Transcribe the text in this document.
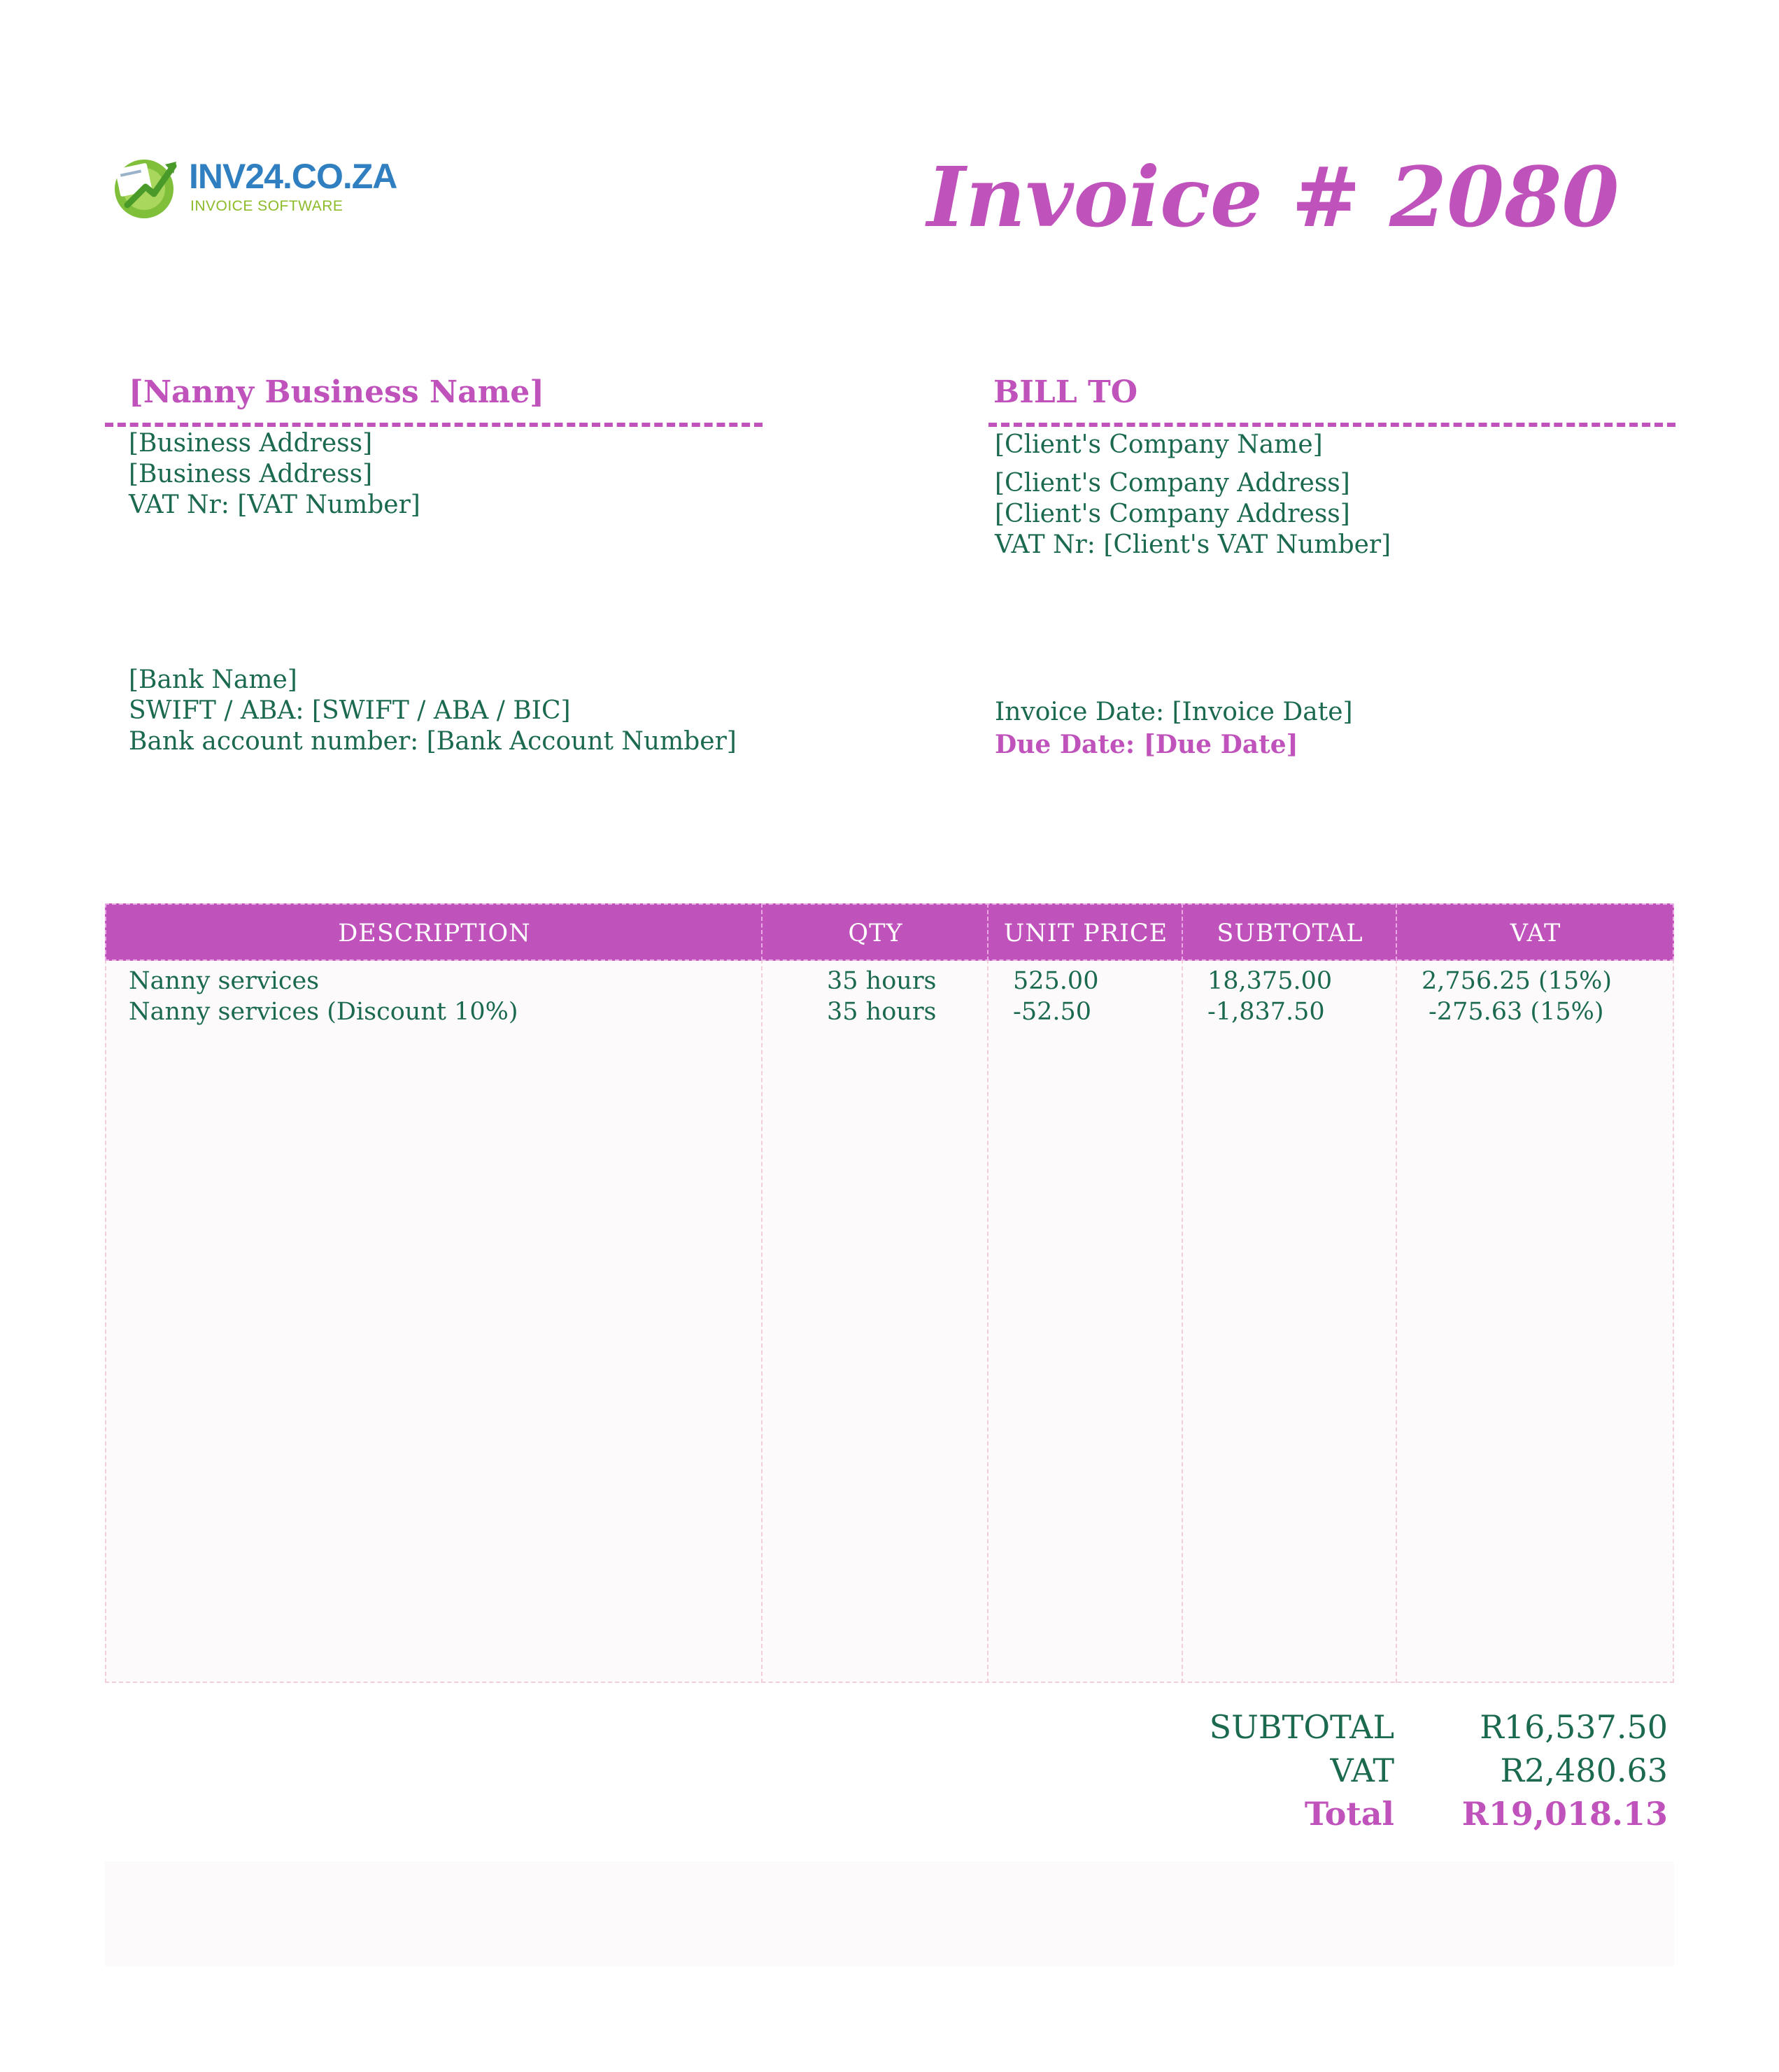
INV24.CO.ZA
INVOICE SOFTWARE	Invoice # 2080
[Nanny Business Name]
[Business Address]
[Business Address]
VAT Nr: [VAT Number]
BILL TO
[Client's Company Name]
[Client's Company Address]
[Client's Company Address]
VAT Nr: [Client's VAT Number]
[Bank Name]
SWIFT / ABA: [SWIFT / ABA / BIC]
Bank account number: [Bank Account Number]
Invoice Date: [Invoice Date]
Due Date: [Due Date]
DESCRIPTION	QTY	UNIT PRICE	SUBTOTAL	VAT
Nanny services	35 hours	525.00	18,375.00	2,756.25 (15%)
Nanny services (Discount 10%)	35 hours	-52.50	-1,837.50	-275.63 (15%)
SUBTOTAL	R16,537.50
VAT	R2,480.63
Total	R19,018.13
